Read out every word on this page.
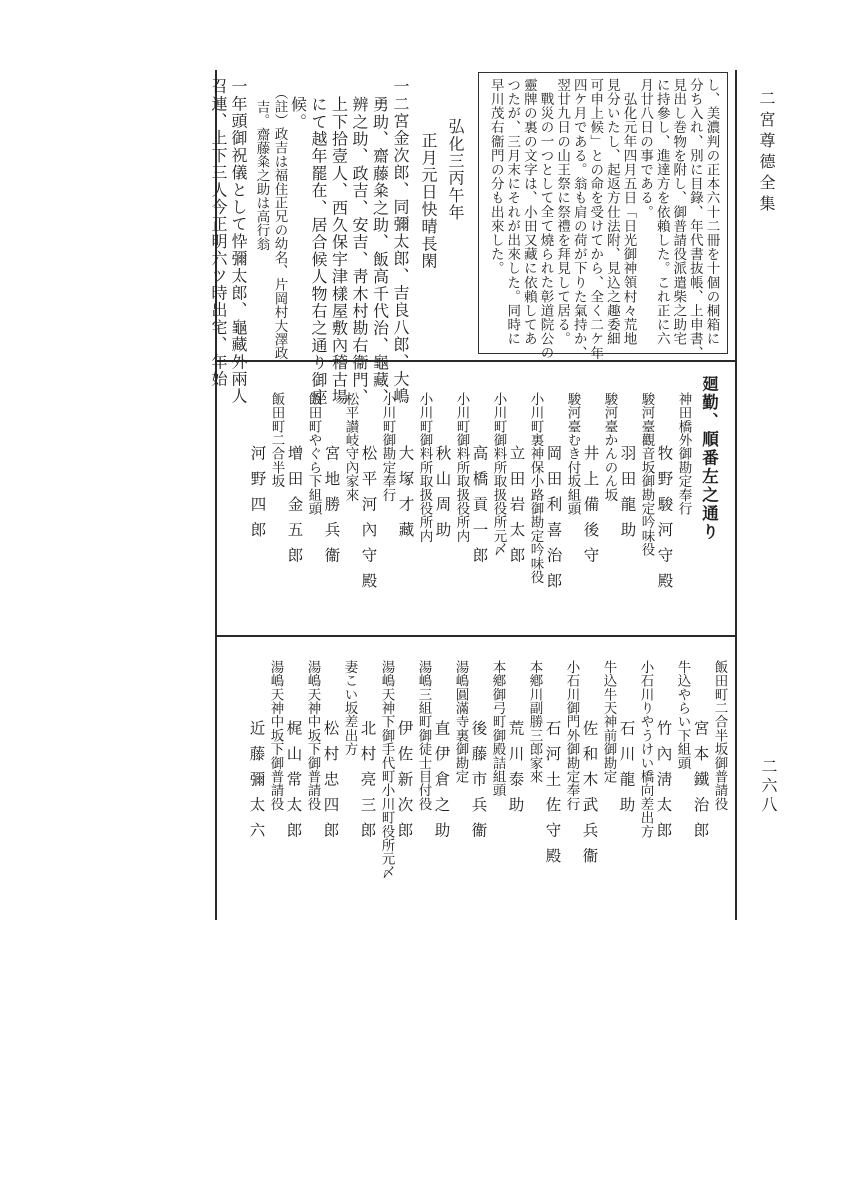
二宮尊德全集
二六八
し、美濃判の正本六十二冊を十個の桐箱に
分ち入れ、別に目錄、年代書抜帳、上申書、
見出し巻物を附し、御普請役派遣柴之助宅
に持參し、進達方を依賴した。これ正に六
月廿八日の事である。
弘化元年四月五日「日光御神領村々荒地
見分いたし、起返方仕法附、見込之趣委細
可申上候」との命を受けてから、全く二ケ年
四ケ月である。翁も肩の荷が下りた氣持か、
翌廿九日の山王祭に祭禮を拜見して居る。
戰災の一つとして全て燒られた彰道院公の
靈牌の裏の文字は、小田又藏に依賴してあ
つたが、三月末にそれが出來した。同時に
早川茂右衞門の分も出來した。
弘化三丙午年
正月元日快晴長閑
一二宮金次郎、同彌太郎、吉良八郎、大嶋
勇助、齋藤粂之助、飯高千代治、龜藏、
辨之助、政吉、安吉、靑木村勘右衞門、
上下拾壹人、西久保宇津樣屋敷內稽古場
にて越年罷在、居合候人物右之通り御座
候。
（註）政吉は福住正兄の幼名、片岡村大澤政
吉。齋藤粂之助は高行翁
一年頭御祝儀として忰彌太郎、龜藏外兩人
召連、上下三人今正明六ツ時出宅、年始
廻勤、順番左之通り
神田橋外御勘定奉行
牧野駿河守殿
駿河臺觀音坂御勘定吟味役
羽田龍助
駿河臺かんのん坂
井上備後守
駿河臺むき付坂組頭
岡田利喜治郎
小川町裏神保小路御勘定吟味役
立田岩太郎
小川町御料所取扱役所元〆
高橋貢一郎
小川町御料所取扱役所内
秋山周助
小川町御料所取扱役所内
大塚才藏
小川町御勘定奉行
松平河內守殿
松平讃岐守內家來
宮地勝兵衞
飯田町やぐら下組頭
增田金五郎
飯田町二合半坂
河野四郎
飯田町二合半坂御普請役
宮本鐵治郎
牛込やらい下組頭
竹內淸太郎
小石川りやうけい橋向差出方
石川龍助
牛込牛天神前御勘定
佐和木武兵衞
小石川御門外御勘定奉行
石河土佐守殿
本鄕川副勝三郎家來
荒川泰助
本鄕御弓町御殿詰組頭
後藤市兵衞
湯嶋圓滿寺裏御勘定
直伊倉之助
湯嶋三組町御徒士目付役
伊佐新次郎
湯嶋天神下御手代町小川町役所元〆
北村亮三郎
妻こい坂差出方
松村忠四郎
湯嶋天神中坂下御普請役
梶山常太郎
湯嶋天神中坂下御普請役
近藤彌太六
